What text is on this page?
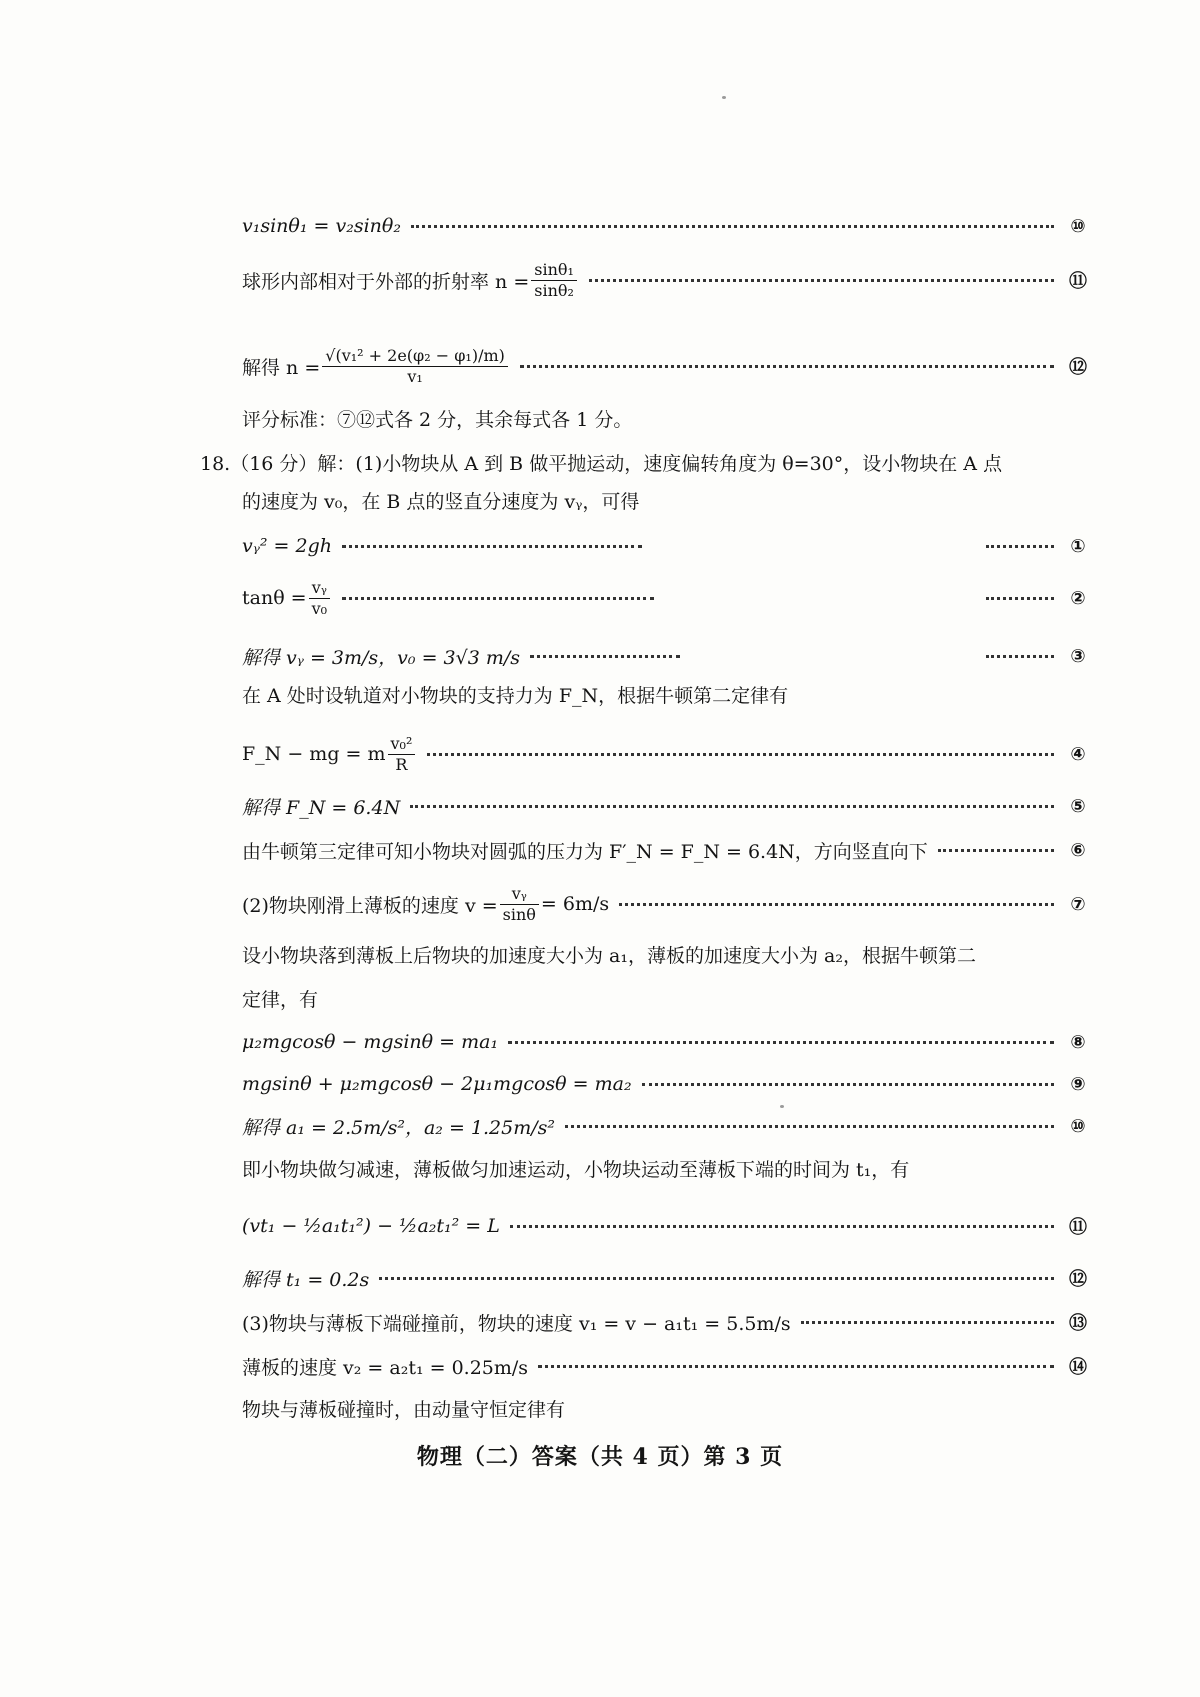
v₁sinθ₁ = v₂sinθ₂	⑩
球形内部相对于外部的折射率 $n = \frac{\text{sinθ₁}}{\text{sinθ₂}}$	⑪
解得 $n = \frac{\text{√(v₁² + 2e(φ₂ − φ₁)/m)}}{\text{v₁}}$	⑫
评分标准：⑦⑫式各 2 分，其余每式各 1 分。
18.（16 分）解：(1)小物块从 A 到 B 做平抛运动，速度偏转角度为 θ=30°，设小物块在 A 点
的速度为 v₀，在 B 点的竖直分速度为 vᵧ，可得
vᵧ² = 2gh	①
$\tan\theta = \frac{\text{vᵧ}}{\text{v₀}}$	②
解得 vᵧ = 3m/s，v₀ = 3√3 m/s	③
在 A 处时设轨道对小物块的支持力为 F_N，根据牛顿第二定律有
F_N − mg = m $\frac{\text{v₀²}}{R}$	④
解得 F_N = 6.4N	⑤
由牛顿第三定律可知小物块对圆弧的压力为 F′_N = F_N = 6.4N，方向竖直向下	⑥
(2)物块刚滑上薄板的速度 $v = \frac{\text{vᵧ}}{\sin\theta} = 6m/s$	⑦
设小物块落到薄板上后物块的加速度大小为 a₁，薄板的加速度大小为 a₂，根据牛顿第二
定律，有
μ₂mgcosθ − mgsinθ = ma₁	⑧
mgsinθ + μ₂mgcosθ − 2μ₁mgcosθ = ma₂	⑨
解得 a₁ = 2.5m/s²，a₂ = 1.25m/s²	⑩
即小物块做匀减速，薄板做匀加速运动，小物块运动至薄板下端的时间为 t₁，有
(vt₁ − ½a₁t₁²) − ½a₂t₁² = L	⑪
解得 t₁ = 0.2s	⑫
(3)物块与薄板下端碰撞前，物块的速度 v₁ = v − a₁t₁ = 5.5m/s	⑬
薄板的速度 v₂ = a₂t₁ = 0.25m/s	⑭
物块与薄板碰撞时，由动量守恒定律有
物理（二）答案（共 4 页）第 3 页
